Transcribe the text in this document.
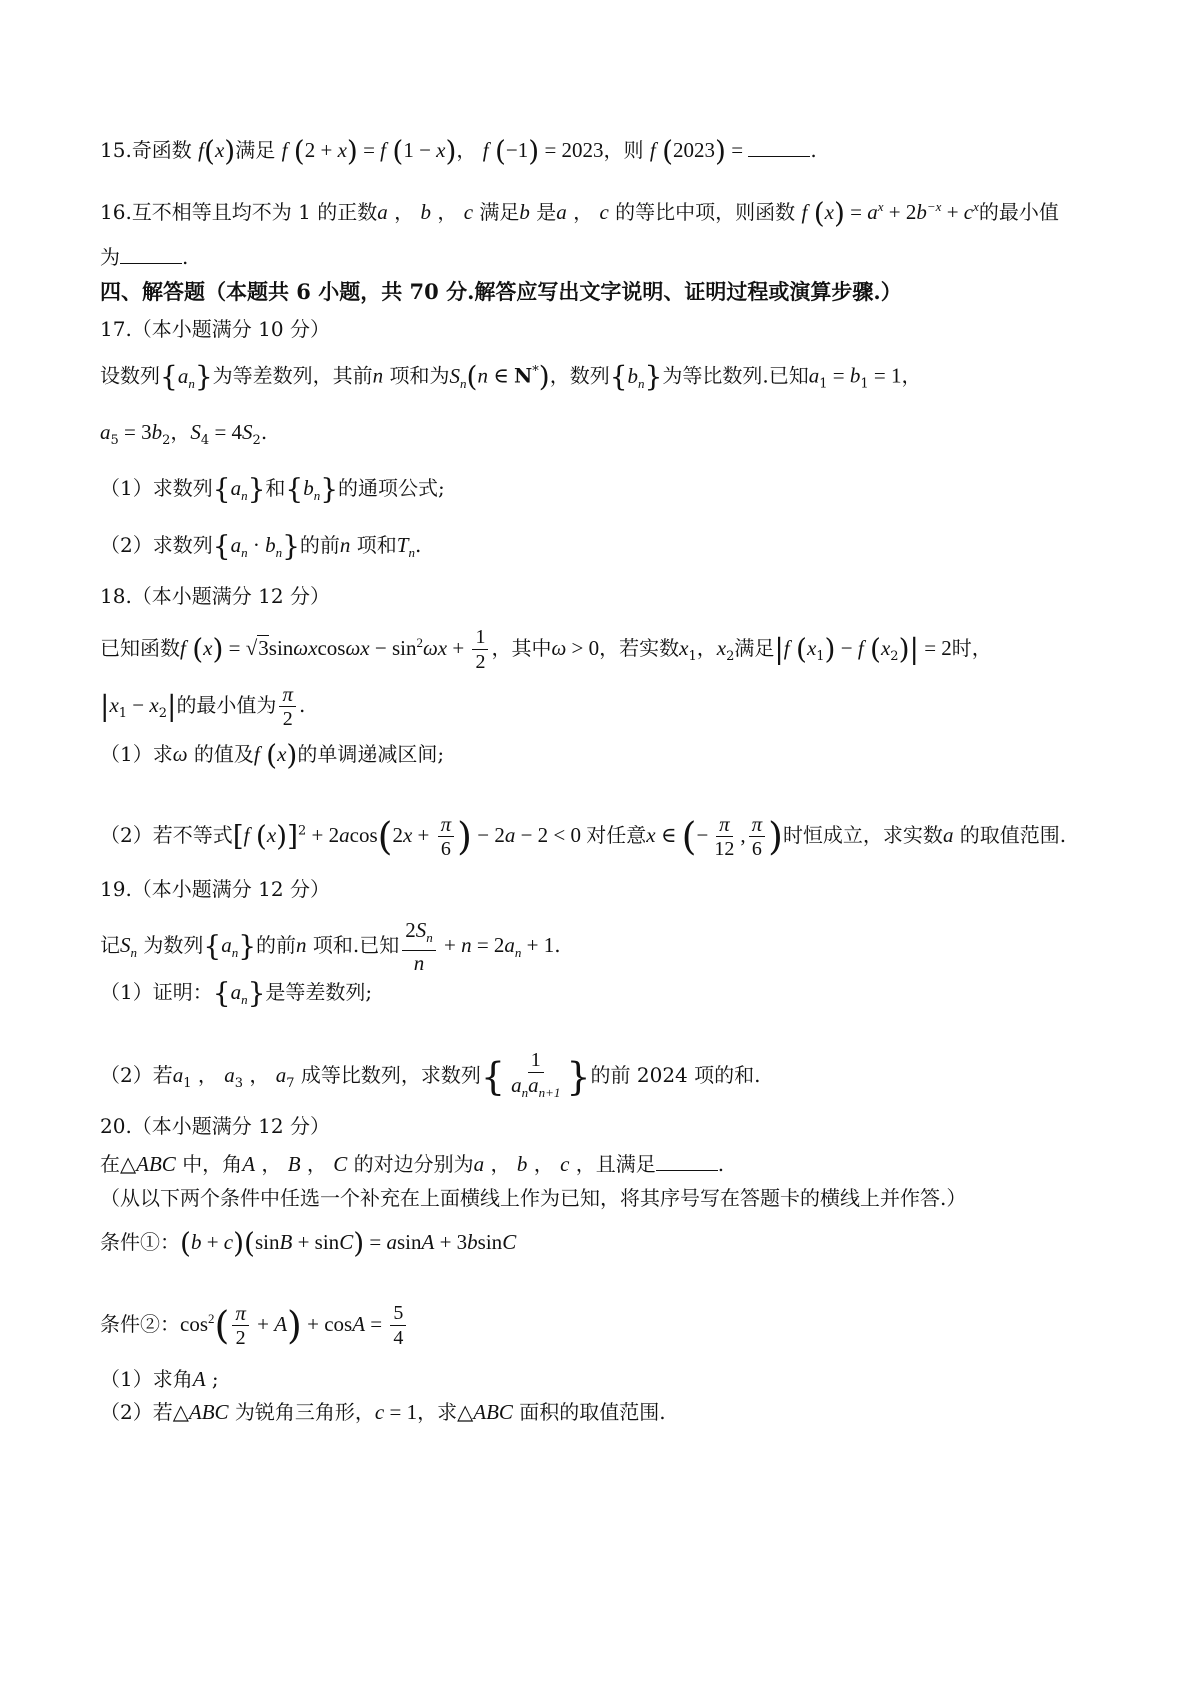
15.奇函数 f(x)满足 f (2 + x) = f (1 − x)， f (−1) = 2023，则 f (2023) =	.
16.互不相等且均不为 1 的正数a ， b ， c 满足b 是a ， c 的等比中项，则函数 f $(x) = a^x + 2b^{-x} + c^x$的最小值
为	.
四、解答题（本题共 6 小题，共 70 分.解答应写出文字说明、证明过程或演算步骤.）
17.（本小题满分 10 分）
设数列$\{a_n\}$为等差数列，其前n 项和为$S_n(n$ ∈ N*)，数列$\{b_n\}$为等比数列.已知$a_1 = b_1 = 1$，
$a_5 = 3b_2$，$S_4 = 4S_2$.
（1）求数列$\{a_n\}$和$\{b_n\}$的通项公式;
（2）求数列$\{a_n \cdot b_n\}$的前n 项和$T_n$.
18.（本小题满分 12 分）
已知函数f $(x) = √3\sin\omega xcos\omega x - \sin^2\omega x + \frac{1}{2}$ ，其中ω > 0，若实数$x_1$，$x_2$满足|f $(x_1) - f$ $(x_2)| = 2$时，
$|x_1 - x_2|$的最小值为 $\frac{\pi}{2}$ .
（1）求ω 的值及f (x)的单调递减区间;
（2）若不等式[f $(x)]^2 + 2acos(2x + \frac{\pi}{6}$ ) − 2a − 2 < 0 对任意x ∈ (− $\frac{\pi}{12}$ , $\frac{\pi}{6}$ )时恒成立，求实数a 的取值范围.
19.（本小题满分 12 分）
记$S_n$ 为数列$\{a_n\}$的前n 项和.已知 $\frac{2S_n}{n} + n = 2a_n + 1$.
（1）证明：$\{a_n\}$是等差数列;
（2）若$a_1$ ， $a_3$ ， $a_7$ 成等比数列，求数列{ $\frac{1}{a_na_{n+1}}$ }的前 2024 项的和.
20.（本小题满分 12 分）
在△ABC 中，角A ， B ， C 的对边分别为a ， b ， c ，且满足	.
（从以下两个条件中任选一个补充在上面横线上作为已知，将其序号写在答题卡的横线上并作答.）
条件①：(b + c)(sinB + sinC) = asinA + 3bsinC
条件②：$\cos^2( \frac{\pi}{2} + A) + \cos A = \frac{5}{4}$
（1）求角A ;
（2）若△ABC 为锐角三角形，c = 1，求△ABC 面积的取值范围.
